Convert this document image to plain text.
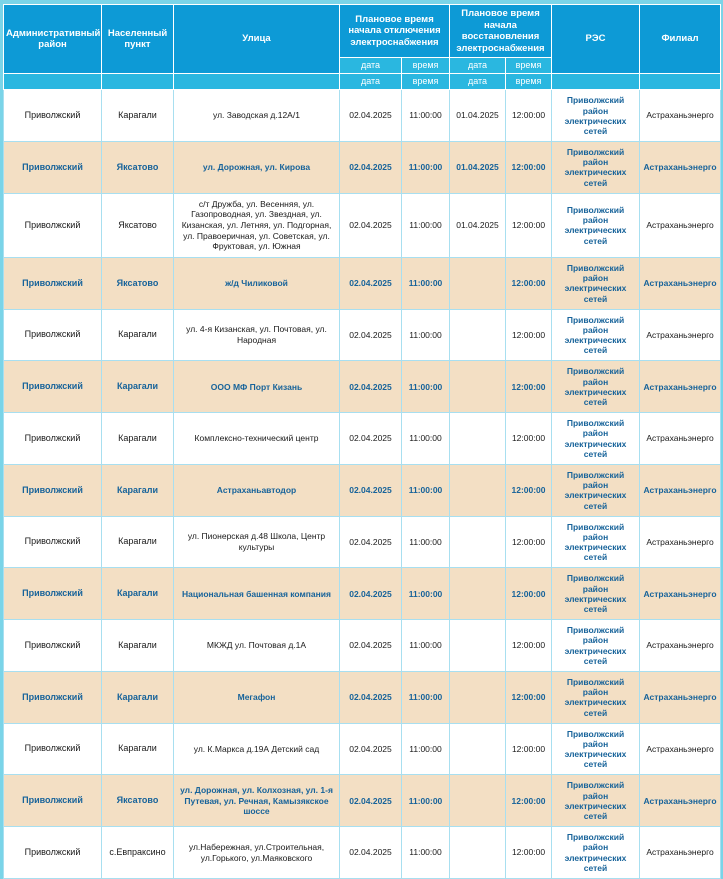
Административный район	Населенный пункт	Улица	Плановое время начала отключения электроснабжения		Плановое время начала восстановления электроснабжения		РЭС	Филиал
			дата	время	дата	время		
			дата	время	дата	время		
Приволжский	Карагали	ул. Заводская д.12А/1	02.04.2025	11:00:00	01.04.2025	12:00:00	Приволжский район электрических сетей	Астраханьэнерго
Приволжский	Яксатово	ул. Дорожная, ул. Кирова	02.04.2025	11:00:00	01.04.2025	12:00:00	Приволжский район электрических сетей	Астраханьэнерго
Приволжский	Яксатово	с/т Дружба, ул. Весенняя, ул. Газопроводная, ул. Звездная, ул. Кизанская, ул. Летняя, ул. Подгорная, ул. Правоеричная, ул. Советская, ул. Фруктовая, ул. Южная	02.04.2025	11:00:00	01.04.2025	12:00:00	Приволжский район электрических сетей	Астраханьэнерго
Приволжский	Яксатово	ж/д Чиликовой	02.04.2025	11:00:00		12:00:00	Приволжский район электрических сетей	Астраханьэнерго
Приволжский	Карагали	ул. 4-я Кизанская, ул. Почтовая, ул. Народная	02.04.2025	11:00:00		12:00:00	Приволжский район электрических сетей	Астраханьэнерго
Приволжский	Карагали	ООО МФ Порт Кизань	02.04.2025	11:00:00		12:00:00	Приволжский район электрических сетей	Астраханьэнерго
Приволжский	Карагали	Комплексно-технический центр	02.04.2025	11:00:00		12:00:00	Приволжский район электрических сетей	Астраханьэнерго
Приволжский	Карагали	Астраханьавтодор	02.04.2025	11:00:00		12:00:00	Приволжский район электрических сетей	Астраханьэнерго
Приволжский	Карагали	ул. Пионерская д.48 Школа, Центр культуры	02.04.2025	11:00:00		12:00:00	Приволжский район электрических сетей	Астраханьэнерго
Приволжский	Карагали	Национальная башенная компания	02.04.2025	11:00:00		12:00:00	Приволжский район электрических сетей	Астраханьэнерго
Приволжский	Карагали	МКЖД ул. Почтовая д.1А	02.04.2025	11:00:00		12:00:00	Приволжский район электрических сетей	Астраханьэнерго
Приволжский	Карагали	Мегафон	02.04.2025	11:00:00		12:00:00	Приволжский район электрических сетей	Астраханьэнерго
Приволжский	Карагали	ул. К.Маркса д.19А Детский сад	02.04.2025	11:00:00		12:00:00	Приволжский район электрических сетей	Астраханьэнерго
Приволжский	Яксатово	ул. Дорожная, ул. Колхозная, ул. 1-я Путевая, ул. Речная, Камызякское шоссе	02.04.2025	11:00:00		12:00:00	Приволжский район электрических сетей	Астраханьэнерго
Приволжский	с.Евпраксино	ул.Набережная, ул.Строительная, ул.Горького, ул.Маяковского	02.04.2025	11:00:00		12:00:00	Приволжский район электрических сетей	Астраханьэнерго
